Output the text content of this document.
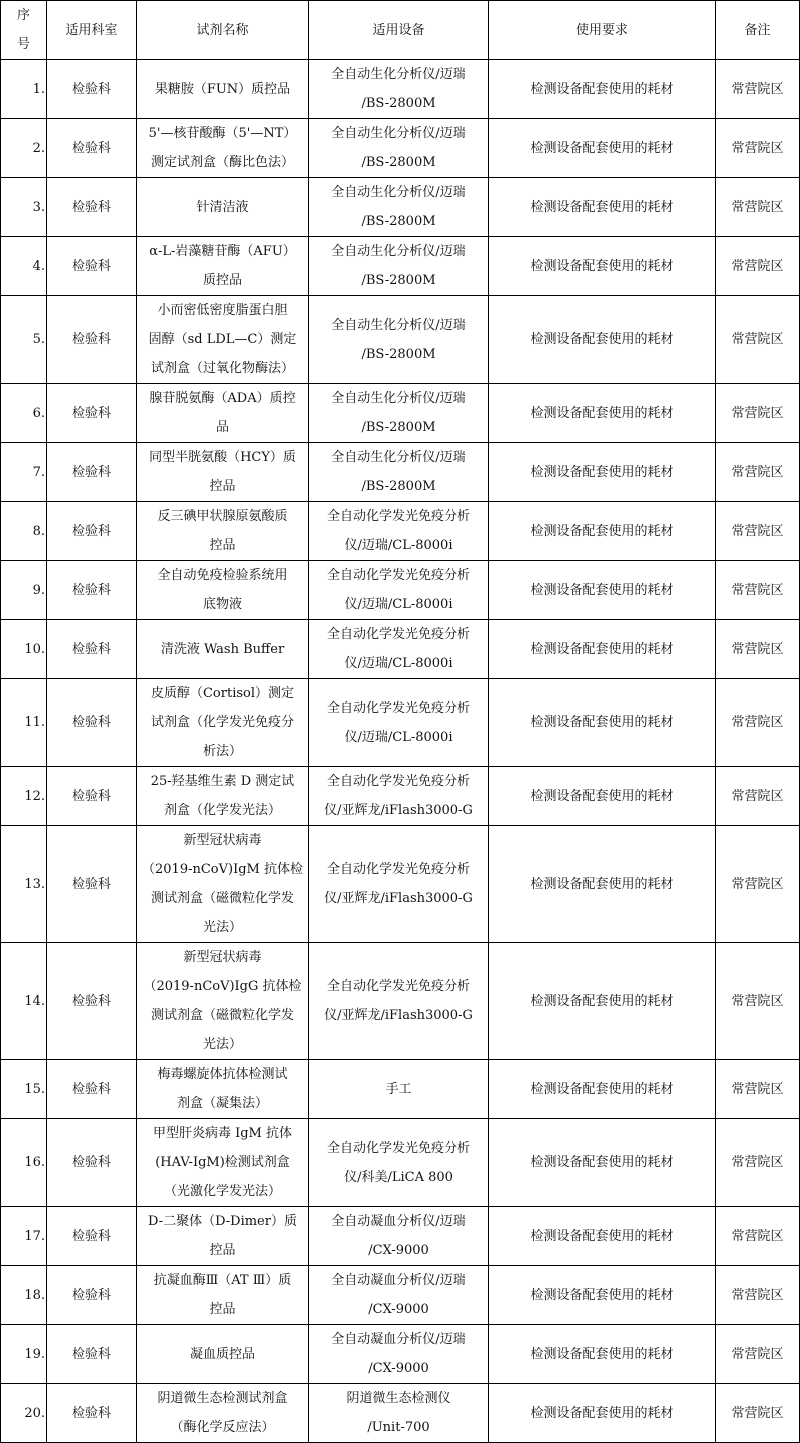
序
号	适用科室	试剂名称	适用设备	使用要求	备注
1.	检验科	果糖胺（FUN）质控品	全自动生化分析仪/迈瑞
/BS-2800M	检测设备配套使用的耗材	常营院区
2.	检验科	5'—核苷酸酶（5'—NT）
测定试剂盒（酶比色法）	全自动生化分析仪/迈瑞
/BS-2800M	检测设备配套使用的耗材	常营院区
3.	检验科	针清洁液	全自动生化分析仪/迈瑞
/BS-2800M	检测设备配套使用的耗材	常营院区
4.	检验科	α-L-岩藻糖苷酶（AFU）
质控品	全自动生化分析仪/迈瑞
/BS-2800M	检测设备配套使用的耗材	常营院区
5.	检验科	小而密低密度脂蛋白胆
固醇（sd LDL—C）测定
试剂盒（过氧化物酶法）	全自动生化分析仪/迈瑞
/BS-2800M	检测设备配套使用的耗材	常营院区
6.	检验科	腺苷脱氨酶（ADA）质控
品	全自动生化分析仪/迈瑞
/BS-2800M	检测设备配套使用的耗材	常营院区
7.	检验科	同型半胱氨酸（HCY）质
控品	全自动生化分析仪/迈瑞
/BS-2800M	检测设备配套使用的耗材	常营院区
8.	检验科	反三碘甲状腺原氨酸质
控品	全自动化学发光免疫分析
仪/迈瑞/CL-8000i	检测设备配套使用的耗材	常营院区
9.	检验科	全自动免疫检验系统用
底物液	全自动化学发光免疫分析
仪/迈瑞/CL-8000i	检测设备配套使用的耗材	常营院区
10.	检验科	清洗液 Wash Buffer	全自动化学发光免疫分析
仪/迈瑞/CL-8000i	检测设备配套使用的耗材	常营院区
11.	检验科	皮质醇（Cortisol）测定
试剂盒（化学发光免疫分
析法）	全自动化学发光免疫分析
仪/迈瑞/CL-8000i	检测设备配套使用的耗材	常营院区
12.	检验科	25-羟基维生素 D 测定试
剂盒（化学发光法）	全自动化学发光免疫分析
仪/亚辉龙/iFlash3000-G	检测设备配套使用的耗材	常营院区
13.	检验科	新型冠状病毒
（2019-nCoV)IgM 抗体检
测试剂盒（磁微粒化学发
光法）	全自动化学发光免疫分析
仪/亚辉龙/iFlash3000-G	检测设备配套使用的耗材	常营院区
14.	检验科	新型冠状病毒
（2019-nCoV)IgG 抗体检
测试剂盒（磁微粒化学发
光法）	全自动化学发光免疫分析
仪/亚辉龙/iFlash3000-G	检测设备配套使用的耗材	常营院区
15.	检验科	梅毒螺旋体抗体检测试
剂盒（凝集法）	手工	检测设备配套使用的耗材	常营院区
16.	检验科	甲型肝炎病毒 IgM 抗体
(HAV-IgM)检测试剂盒
（光激化学发光法）	全自动化学发光免疫分析
仪/科美/LiCA 800	检测设备配套使用的耗材	常营院区
17.	检验科	D-二聚体（D-Dimer）质
控品	全自动凝血分析仪/迈瑞
/CX-9000	检测设备配套使用的耗材	常营院区
18.	检验科	抗凝血酶Ⅲ（AT Ⅲ）质
控品	全自动凝血分析仪/迈瑞
/CX-9000	检测设备配套使用的耗材	常营院区
19.	检验科	凝血质控品	全自动凝血分析仪/迈瑞
/CX-9000	检测设备配套使用的耗材	常营院区
20.	检验科	阴道微生态检测试剂盒
（酶化学反应法）	阴道微生态检测仪
/Unit-700	检测设备配套使用的耗材	常营院区
